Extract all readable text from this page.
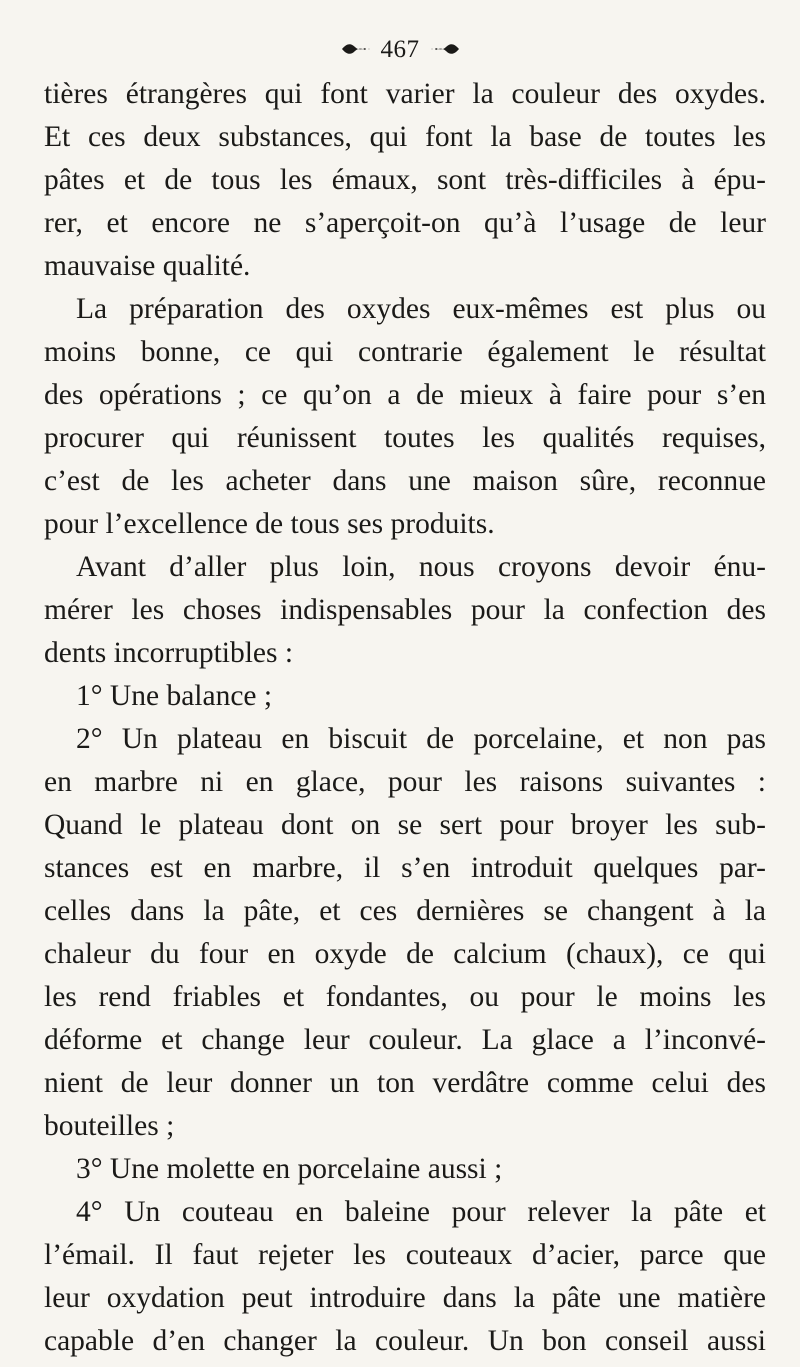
467
tières étrangères qui font varier la couleur des oxydes.
Et ces deux substances, qui font la base de toutes les
pâtes et de tous les émaux, sont très-difficiles à épu-
rer, et encore ne s’aperçoit-on qu’à l’usage de leur
mauvaise qualité.
La préparation des oxydes eux-mêmes est plus ou
moins bonne, ce qui contrarie également le résultat
des opérations ; ce qu’on a de mieux à faire pour s’en
procurer qui réunissent toutes les qualités requises,
c’est de les acheter dans une maison sûre, reconnue
pour l’excellence de tous ses produits.
Avant d’aller plus loin, nous croyons devoir énu-
mérer les choses indispensables pour la confection des
dents incorruptibles :
1° Une balance ;
2° Un plateau en biscuit de porcelaine, et non pas
en marbre ni en glace, pour les raisons suivantes :
Quand le plateau dont on se sert pour broyer les sub-
stances est en marbre, il s’en introduit quelques par-
celles dans la pâte, et ces dernières se changent à la
chaleur du four en oxyde de calcium (chaux), ce qui
les rend friables et fondantes, ou pour le moins les
déforme et change leur couleur. La glace a l’inconvé-
nient de leur donner un ton verdâtre comme celui des
bouteilles ;
3° Une molette en porcelaine aussi ;
4° Un couteau en baleine pour relever la pâte et
l’émail. Il faut rejeter les couteaux d’acier, parce que
leur oxydation peut introduire dans la pâte une matière
capable d’en changer la couleur. Un bon conseil aussi
